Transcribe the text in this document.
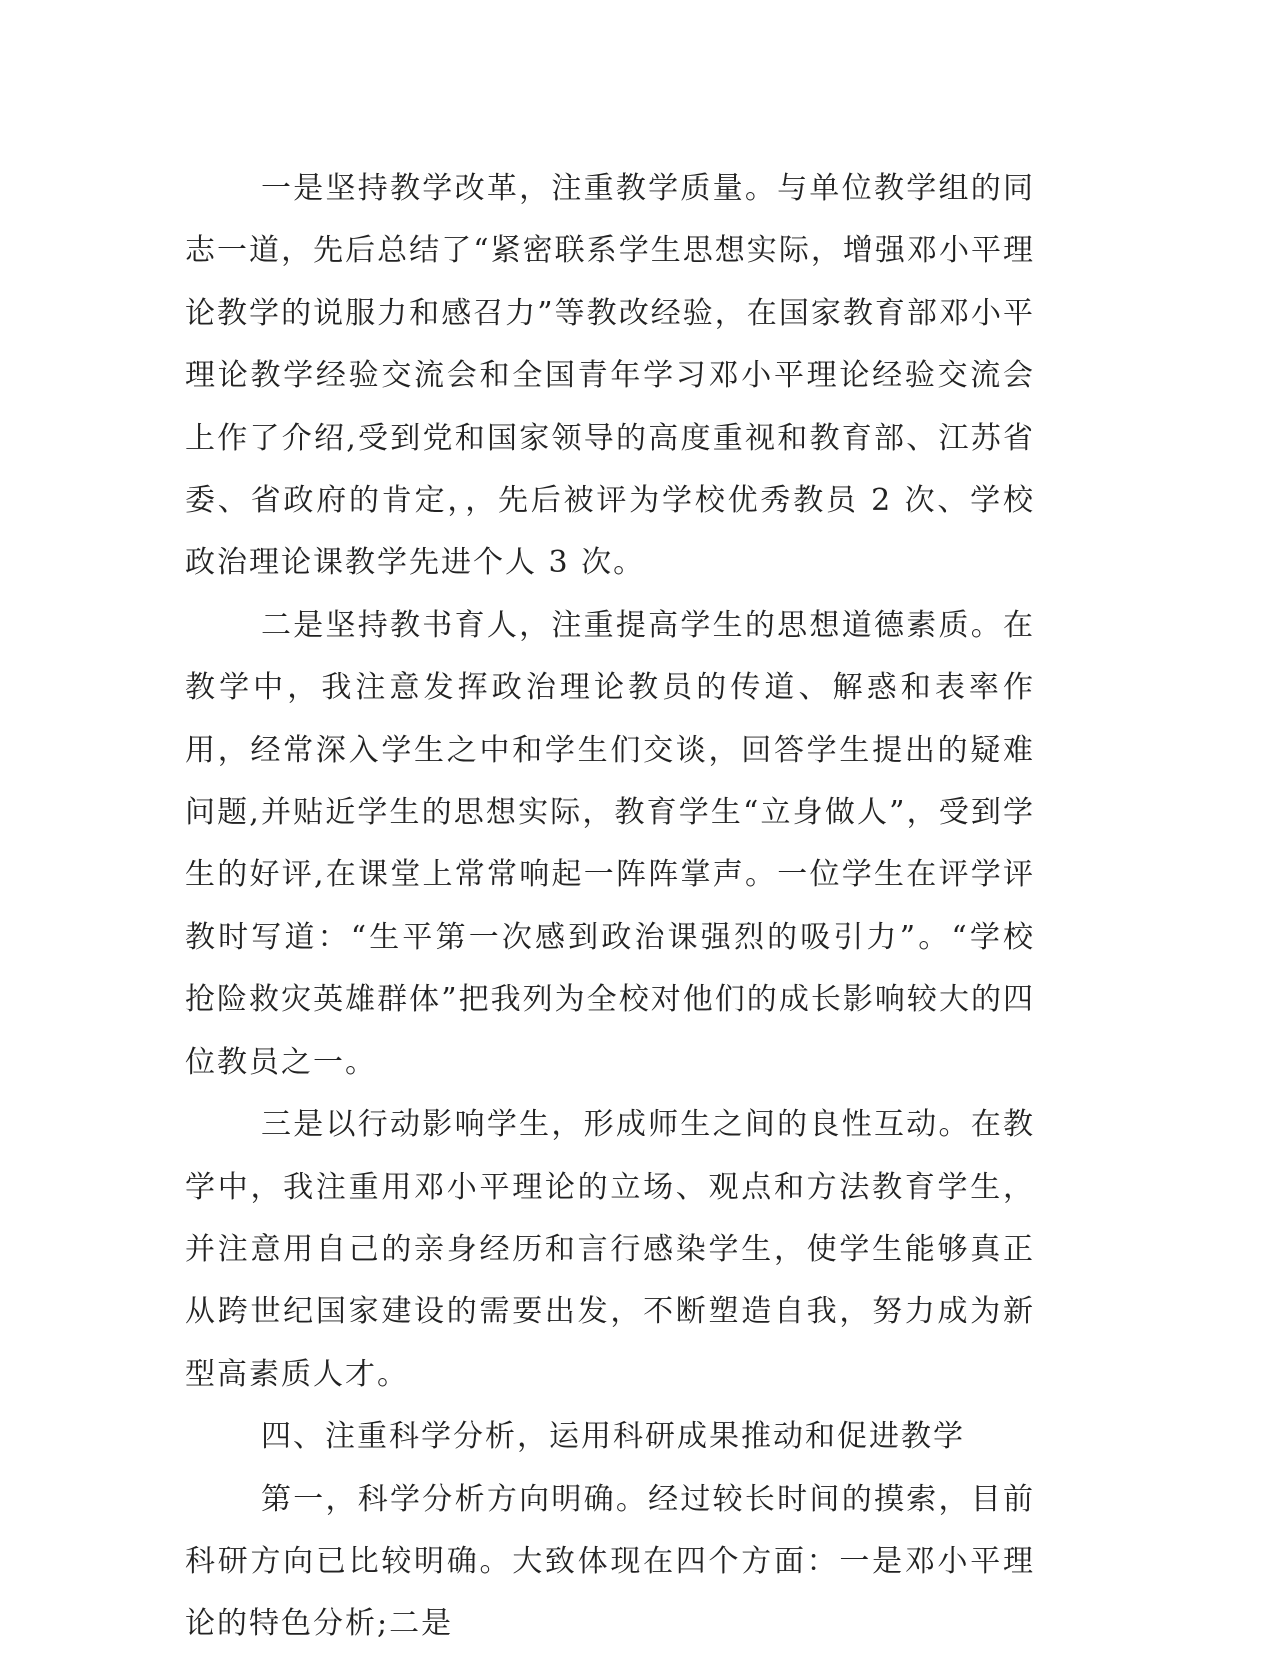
一是坚持教学改革，注重教学质量。与单位教学组的同志一道，先后总结了“紧密联系学生思想实际，增强邓小平理论教学的说服力和感召力”等教改经验，在国家教育部邓小平理论教学经验交流会和全国青年学习邓小平理论经验交流会上作了介绍,受到党和国家领导的高度重视和教育部、江苏省委、省政府的肯定，，先后被评为学校优秀教员 2 次、学校政治理论课教学先进个人 3 次。

二是坚持教书育人，注重提高学生的思想道德素质。在教学中，我注意发挥政治理论教员的传道、解惑和表率作用，经常深入学生之中和学生们交谈，回答学生提出的疑难问题,并贴近学生的思想实际，教育学生“立身做人”，受到学生的好评,在课堂上常常响起一阵阵掌声。一位学生在评学评教时写道：“生平第一次感到政治课强烈的吸引力”。“学校抢险救灾英雄群体”把我列为全校对他们的成长影响较大的四位教员之一。

三是以行动影响学生，形成师生之间的良性互动。在教学中，我注重用邓小平理论的立场、观点和方法教育学生，并注意用自己的亲身经历和言行感染学生，使学生能够真正从跨世纪国家建设的需要出发，不断塑造自我，努力成为新型高素质人才。

四、注重科学分析，运用科研成果推动和促进教学

第一，科学分析方向明确。经过较长时间的摸索，目前科研方向已比较明确。大致体现在四个方面：一是邓小平理论的特色分析;二是
